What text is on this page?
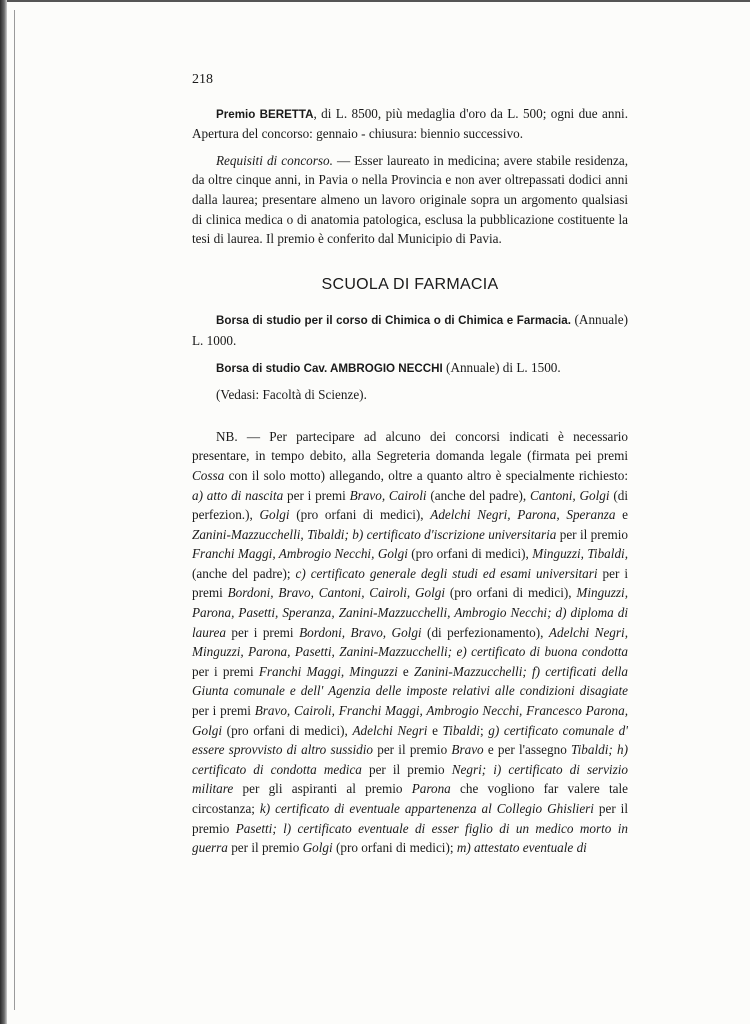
218

Premio BERETTA, di L. 8500, più medaglia d'oro da L. 500; ogni due anni. Apertura del concorso: gennaio - chiusura: biennio successivo.

Requisiti di concorso. — Esser laureato in medicina; avere stabile residenza, da oltre cinque anni, in Pavia o nella Provincia e non aver oltrepassati dodici anni dalla laurea; presentare almeno un lavoro originale sopra un argomento qualsiasi di clinica medica o di anatomia patologica, esclusa la pubblicazione costituente la tesi di laurea. Il premio è conferito dal Municipio di Pavia.

SCUOLA DI FARMACIA

Borsa di studio per il corso di Chimica o di Chimica e Farmacia. (Annuale) L. 1000.

Borsa di studio Cav. AMBROGIO NECCHI (Annuale) di L. 1500.

(Vedasi: Facoltà di Scienze).

NB. — Per partecipare ad alcuno dei concorsi indicati è necessario presentare, in tempo debito, alla Segreteria domanda legale (firmata pei premi Cossa con il solo motto) allegando, oltre a quanto altro è specialmente richiesto: a) atto di nascita per i premi Bravo, Cairoli (anche del padre), Cantoni, Golgi (di perfezion.), Golgi (pro orfani di medici), Adelchi Negri, Parona, Speranza e Zanini-Mazzucchelli, Tibaldi; b) certificato d'iscrizione universitaria per il premio Franchi Maggi, Ambrogio Necchi, Golgi (pro orfani di medici), Minguzzi, Tibaldi, (anche del padre); c) certificato generale degli studi ed esami universitari per i premi Bordoni, Bravo, Cantoni, Cairoli, Golgi (pro orfani di medici), Minguzzi, Parona, Pasetti, Speranza, Zanini-Mazzucchelli, Ambrogio Necchi; d) diploma di laurea per i premi Bordoni, Bravo, Golgi (di perfezionamento), Adelchi Negri, Minguzzi, Parona, Pasetti, Zanini-Mazzucchelli; e) certificato di buona condotta per i premi Franchi Maggi, Minguzzi e Zanini-Mazzucchelli; f) certificati della Giunta comunale e dell' Agenzia delle imposte relativi alle condizioni disagiate per i premi Bravo, Cairoli, Franchi Maggi, Ambrogio Necchi, Francesco Parona, Golgi (pro orfani di medici), Adelchi Negri e Tibaldi; g) certificato comunale d' essere sprovvisto di altro sussidio per il premio Bravo e per l'assegno Tibaldi; h) certificato di condotta medica per il premio Negri; i) certificato di servizio militare per gli aspiranti al premio Parona che vogliono far valere tale circostanza; k) certificato di eventuale appartenenza al Collegio Ghislieri per il premio Pasetti; l) certificato eventuale di esser figlio di un medico morto in guerra per il premio Golgi (pro orfani di medici); m) attestato eventuale di
